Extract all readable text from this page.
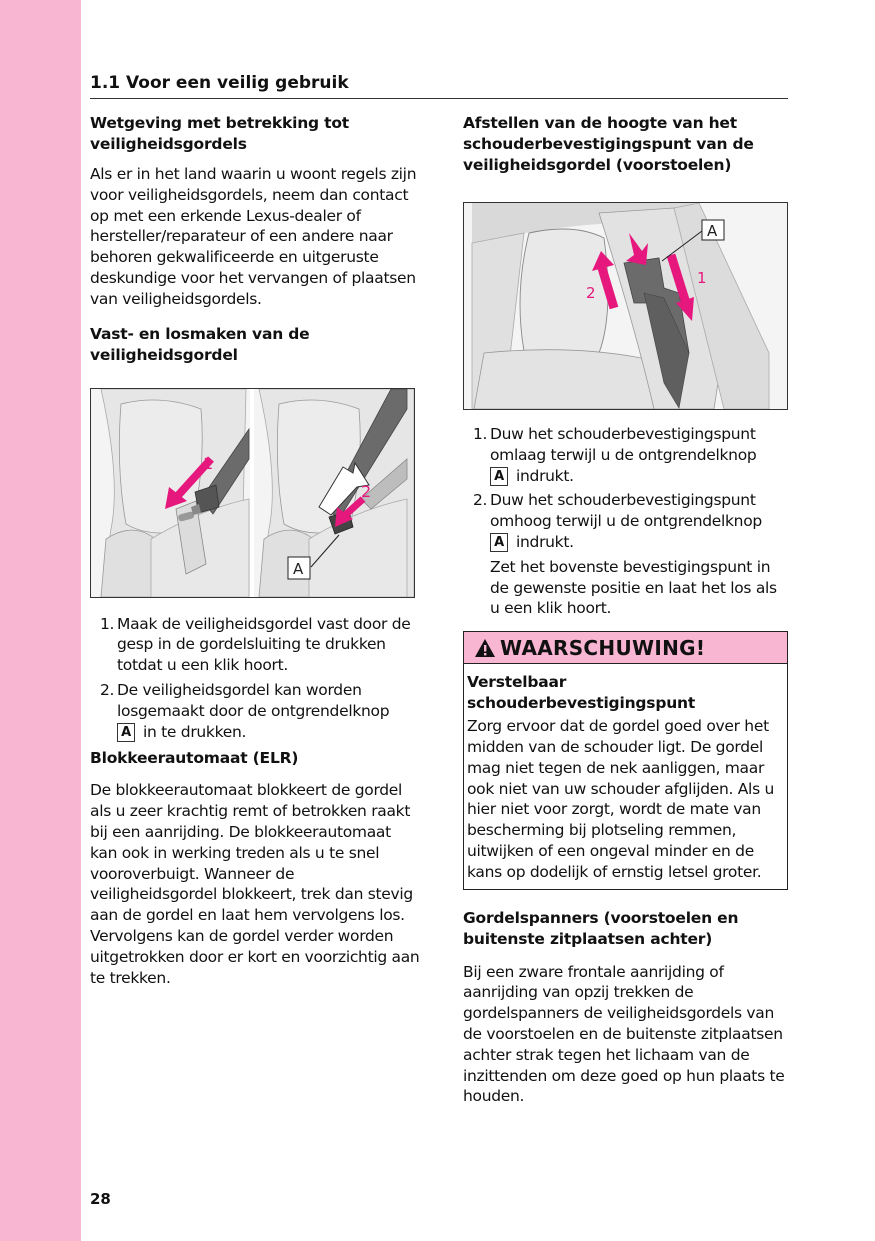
1.1 Voor een veilig gebruik
Wetgeving met betrekking tot veiligheidsgordels

Als er in het land waarin u woont regels zijn voor veiligheidsgordels, neem dan contact op met een erkende Lexus-dealer of hersteller/reparateur of een andere naar behoren gekwalificeerde en uitgeruste deskundige voor het vervangen of plaatsen van veiligheidsgordels.

Vast- en losmaken van de veiligheidsgordel
1
2
A
1. Maak de veiligheidsgordel vast door de gesp in de gordelsluiting te drukken totdat u een klik hoort.
2. De veiligheidsgordel kan worden losgemaakt door de ontgrendelknop
A in te drukken.
Blokkeerautomaat (ELR)

De blokkeerautomaat blokkeert de gordel als u zeer krachtig remt of betrokken raakt bij een aanrijding. De blokkeerautomaat kan ook in werking treden als u te snel vooroverbuigt. Wanneer de veiligheidsgordel blokkeert, trek dan stevig aan de gordel en laat hem vervolgens los. Vervolgens kan de gordel verder worden uitgetrokken door er kort en voorzichtig aan te trekken.

Afstellen van de hoogte van het schouderbevestigingspunt van de veiligheidsgordel (voorstoelen)
2
1
A
1. Duw het schouderbevestigingspunt omlaag terwijl u de ontgrendelknop
A indrukt.
2. Duw het schouderbevestigingspunt omhoog terwijl u de ontgrendelknop
A indrukt.
Zet het bovenste bevestigingspunt in de gewenste positie en laat het los als u een klik hoort.
WAARSCHUWING!
Verstelbaar schouderbevestigingspunt

Zorg ervoor dat de gordel goed over het midden van de schouder ligt. De gordel mag niet tegen de nek aanliggen, maar ook niet van uw schouder afglijden. Als u hier niet voor zorgt, wordt de mate van bescherming bij plotseling remmen, uitwijken of een ongeval minder en de kans op dodelijk of ernstig letsel groter.

Gordelspanners (voorstoelen en buitenste zitplaatsen achter)

Bij een zware frontale aanrijding of aanrijding van opzij trekken de gordelspanners de veiligheidsgordels van de voorstoelen en de buitenste zitplaatsen achter strak tegen het lichaam van de inzittenden om deze goed op hun plaats te houden.

28
